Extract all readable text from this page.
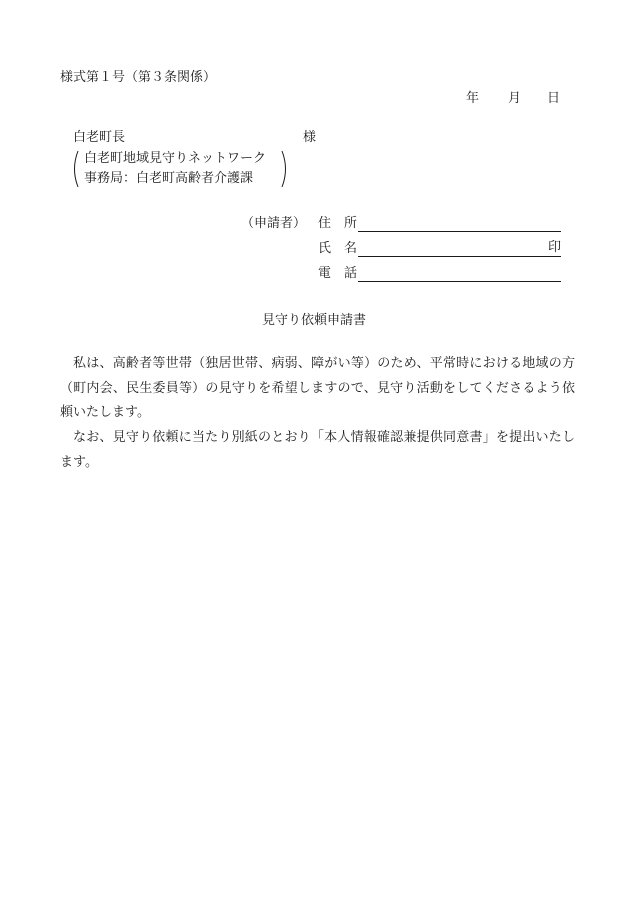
様式第１号（第３条関係）
年 月 日
白老町長	様
白老町地域見守りネットワーク
事務局：白老町高齢者介護課
（申請者） 住　所
氏　名	印
電　話
見守り依頼申請書
私は、高齢者等世帯（独居世帯、病弱、障がい等）のため、平常時における地域の方（町内会、民生委員等）の見守りを希望しますので、見守り活動をしてくださるよう依頼いたします。
なお、見守り依頼に当たり別紙のとおり「本人情報確認兼提供同意書」を提出いたします。
